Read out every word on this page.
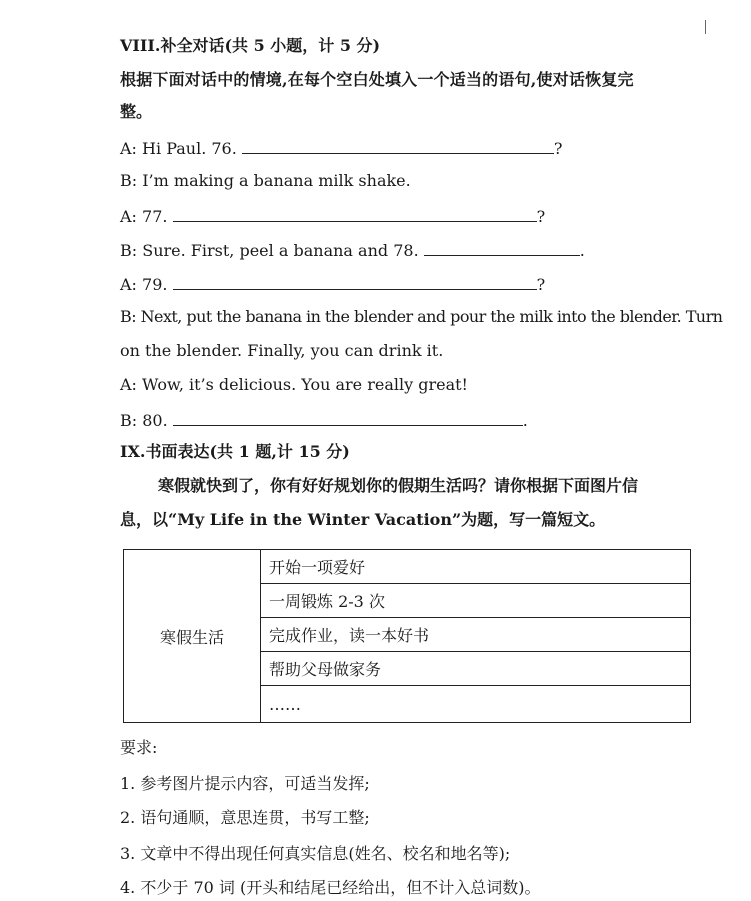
VIII.补全对话(共 5 小题，计 5 分)
根据下面对话中的情境,在每个空白处填入一个适当的语句,使对话恢复完
整。
A: Hi Paul. 76.	?
B: I’m making a banana milk shake.
A: 77.	?
B: Sure. First, peel a banana and 78.	.
A: 79.	?
B: Next, put the banana in the blender and pour the milk into the blender. Turn
on the blender. Finally, you can drink it.
A: Wow, it’s delicious. You are really great!
B: 80.	.
IX.书面表达(共 1 题,计 15 分)
寒假就快到了，你有好好规划你的假期生活吗？请你根据下面图片信
息，以“My Life in the Winter Vacation”为题，写一篇短文。
寒假生活	开始一项爱好
一周锻炼 2-3 次
完成作业，读一本好书
帮助父母做家务
……
要求:
1. 参考图片提示内容，可适当发挥;
2. 语句通顺，意思连贯，书写工整;
3. 文章中不得出现任何真实信息(姓名、校名和地名等);
4. 不少于 70 词 (开头和结尾已经给出，但不计入总词数)。
